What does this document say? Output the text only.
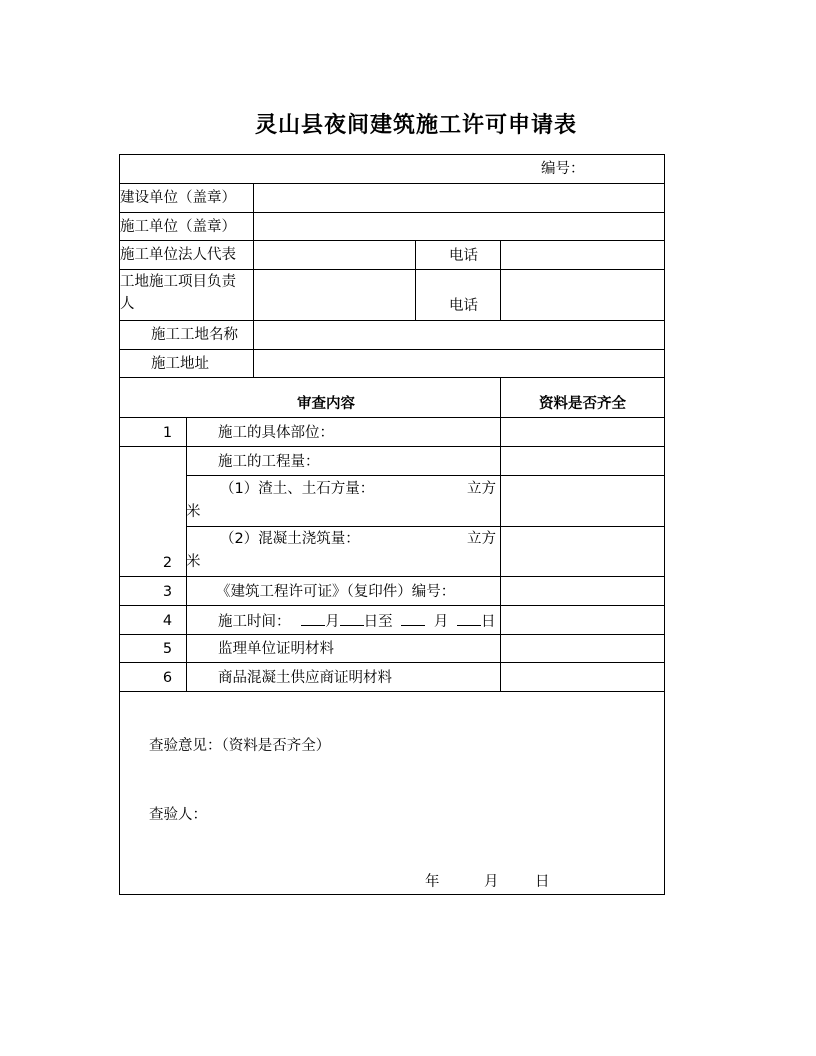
灵山县夜间建筑施工许可申请表
编号：
建设单位（盖章）
施工单位（盖章）
施工单位法人代表	电话
工地施工项目负责
人	电话
施工工地名称
施工地址
审查内容	资料是否齐全
1	施工的具体部位：
施工的工程量：
（1）渣土、土石方量：	立方
米
（2）混凝土浇筑量：	立方
米
2
3	《建筑工程许可证》（复印件）编号：
4	施工时间： 月 日至	月 日
5	监理单位证明材料
6	商品混凝土供应商证明材料
查验意见：（资料是否齐全）
查验人：
年	月	日
